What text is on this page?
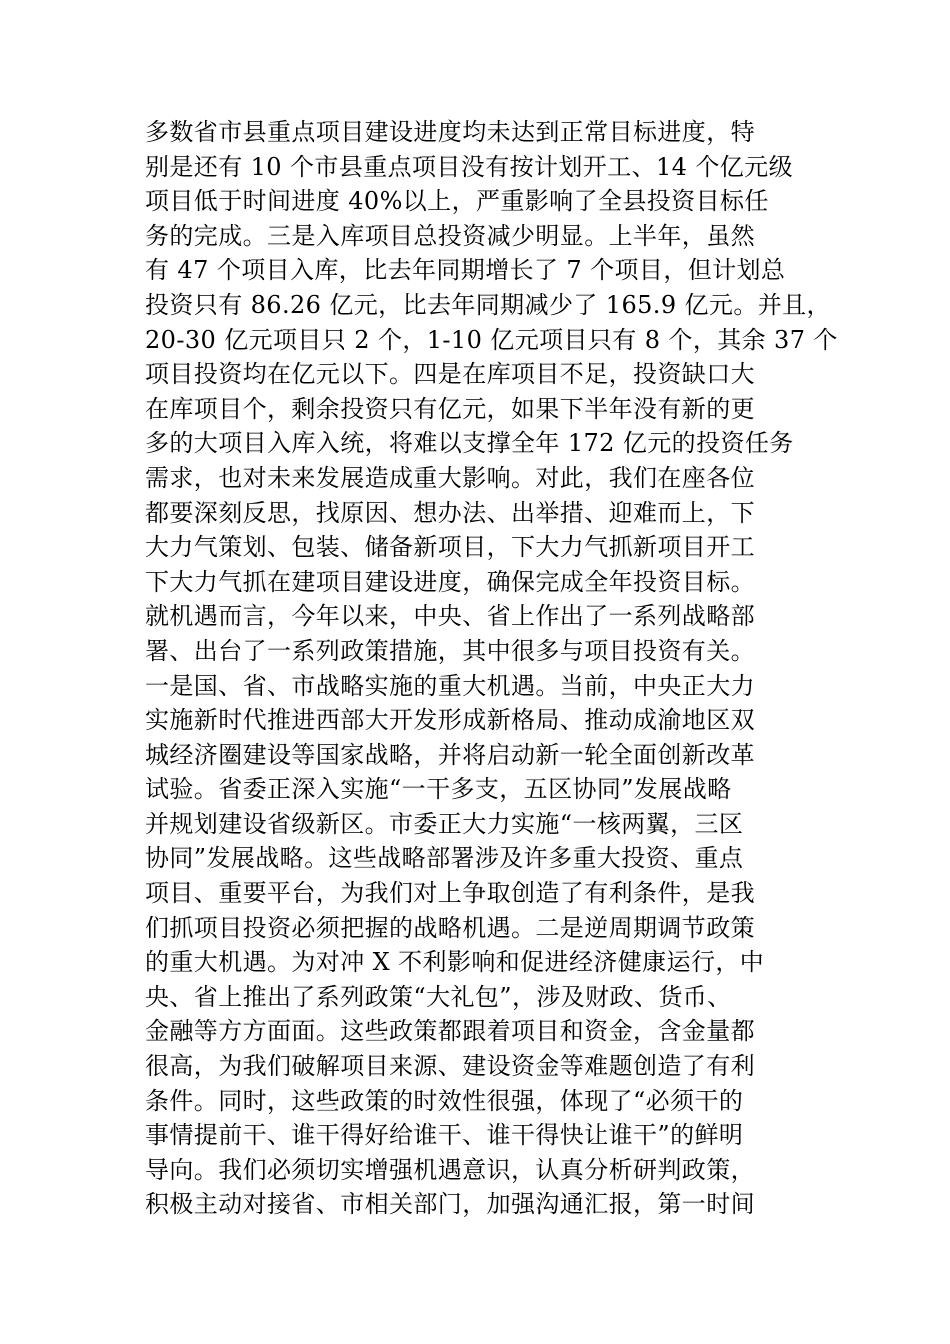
多数省市县重点项目建设进度均未达到正常目标进度，特
别是还有 10 个市县重点项目没有按计划开工、14 个亿元级
项目低于时间进度 40%以上，严重影响了全县投资目标任
务的完成。三是入库项目总投资减少明显。上半年，虽然
有 47 个项目入库，比去年同期增长了 7 个项目，但计划总
投资只有 86.26 亿元，比去年同期减少了 165.9 亿元。并且，
20-30 亿元项目只 2 个，1-10 亿元项目只有 8 个，其余 37 个
项目投资均在亿元以下。四是在库项目不足，投资缺口大
在库项目个，剩余投资只有亿元，如果下半年没有新的更
多的大项目入库入统，将难以支撑全年 172 亿元的投资任务
需求，也对未来发展造成重大影响。对此，我们在座各位
都要深刻反思，找原因、想办法、出举措、迎难而上，下
大力气策划、包装、储备新项目，下大力气抓新项目开工
下大力气抓在建项目建设进度，确保完成全年投资目标。
就机遇而言，今年以来，中央、省上作出了一系列战略部
署、出台了一系列政策措施，其中很多与项目投资有关。
一是国、省、市战略实施的重大机遇。当前，中央正大力
实施新时代推进西部大开发形成新格局、推动成渝地区双
城经济圈建设等国家战略，并将启动新一轮全面创新改革
试验。省委正深入实施“一干多支，五区协同”发展战略
并规划建设省级新区。市委正大力实施“一核两翼，三区
协同”发展战略。这些战略部署涉及许多重大投资、重点
项目、重要平台，为我们对上争取创造了有利条件，是我
们抓项目投资必须把握的战略机遇。二是逆周期调节政策
的重大机遇。为对冲 X 不利影响和促进经济健康运行，中
央、省上推出了系列政策“大礼包”，涉及财政、货币、
金融等方方面面。这些政策都跟着项目和资金，含金量都
很高，为我们破解项目来源、建设资金等难题创造了有利
条件。同时，这些政策的时效性很强，体现了“必须干的
事情提前干、谁干得好给谁干、谁干得快让谁干”的鲜明
导向。我们必须切实增强机遇意识，认真分析研判政策，
积极主动对接省、市相关部门，加强沟通汇报，第一时间
